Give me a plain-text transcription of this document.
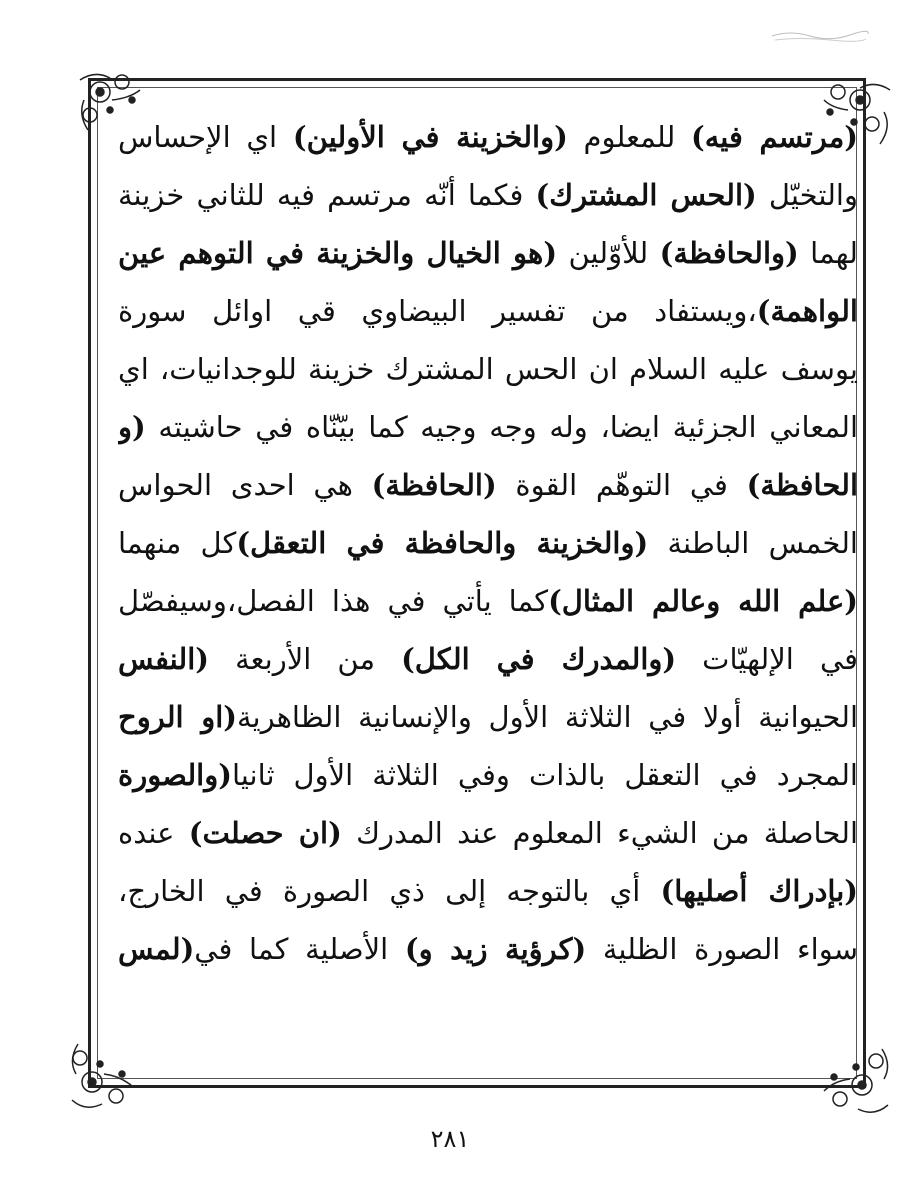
(مرتسم فيه) للمعلوم (والخزينة في الأولين) اي الإحساس
والتخيّل (الحس المشترك) فكما أنّه مرتسم فيه للثاني خزينة
لهما (والحافظة) للأوّلين (هو الخيال والخزينة في التوهم عين
الواهمة)،ويستفاد من تفسير البيضاوي قي اوائل سورة
يوسف عليه السلام ان الحس المشترك خزينة للوجدانيات، اي
المعاني الجزئية ايضا، وله وجه وجيه كما بيّنّاه في حاشيته (و
الحافظة) في التوهّم القوة (الحافظة) هي احدى الحواس
الخمس الباطنة (والخزينة والحافظة في التعقل)كل منهما
(علم الله وعالم المثال)كما يأتي في هذا الفصل،وسيفصّل
في الإلهيّات (والمدرك في الكل) من الأربعة (النفس
الحيوانية أولا في الثلاثة الأول والإنسانية الظاهرية(او الروح
المجرد في التعقل بالذات وفي الثلاثة الأول ثانيا(والصورة
الحاصلة من الشيء المعلوم عند المدرك (ان حصلت) عنده
(بإدراك أصليها) أي بالتوجه إلى ذي الصورة في الخارج،
سواء الصورة الظلية (كرؤية زيد و) الأصلية كما في(لمس
٢٨١
